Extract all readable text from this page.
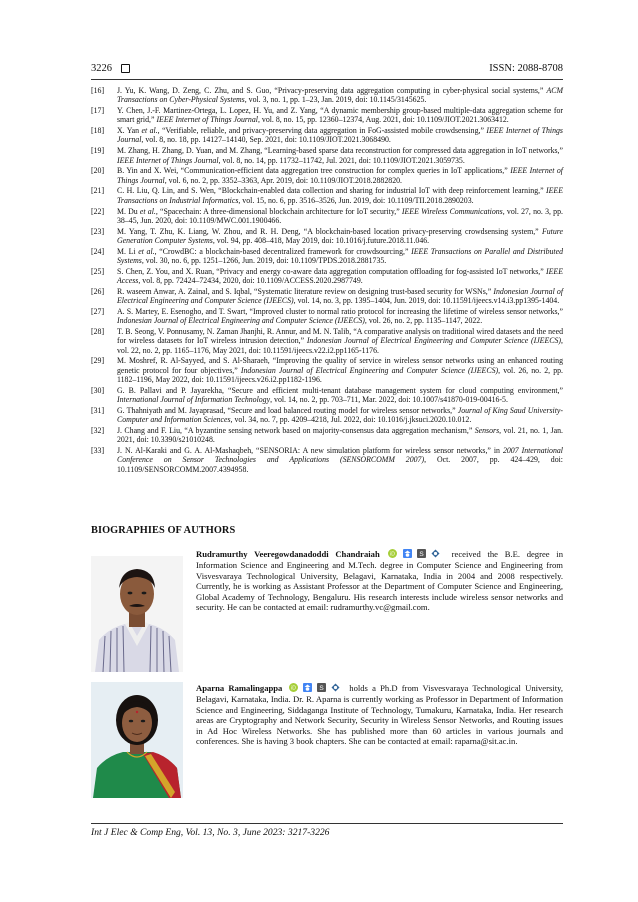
3226	ISSN: 2088-8708
[16] J. Yu, K. Wang, D. Zeng, C. Zhu, and S. Guo, “Privacy-preserving data aggregation computing in cyber-physical social systems,” ACM Transactions on Cyber-Physical Systems, vol. 3, no. 1, pp. 1–23, Jan. 2019, doi: 10.1145/3145625.
[17] Y. Chen, J.-F. Martinez-Ortega, L. Lopez, H. Yu, and Z. Yang, “A dynamic membership group-based multiple-data aggregation scheme for smart grid,” IEEE Internet of Things Journal, vol. 8, no. 15, pp. 12360–12374, Aug. 2021, doi: 10.1109/JIOT.2021.3063412.
[18] X. Yan et al., “Verifiable, reliable, and privacy-preserving data aggregation in FoG-assisted mobile crowdsensing,” IEEE Internet of Things Journal, vol. 8, no. 18, pp. 14127–14140, Sep. 2021, doi: 10.1109/JIOT.2021.3068490.
[19] M. Zhang, H. Zhang, D. Yuan, and M. Zhang, “Learning-based sparse data reconstruction for compressed data aggregation in IoT networks,” IEEE Internet of Things Journal, vol. 8, no. 14, pp. 11732–11742, Jul. 2021, doi: 10.1109/JIOT.2021.3059735.
[20] B. Yin and X. Wei, “Communication-efficient data aggregation tree construction for complex queries in IoT applications,” IEEE Internet of Things Journal, vol. 6, no. 2, pp. 3352–3363, Apr. 2019, doi: 10.1109/JIOT.2018.2882820.
[21] C. H. Liu, Q. Lin, and S. Wen, “Blockchain-enabled data collection and sharing for industrial IoT with deep reinforcement learning,” IEEE Transactions on Industrial Informatics, vol. 15, no. 6, pp. 3516–3526, Jun. 2019, doi: 10.1109/TII.2018.2890203.
[22] M. Du et al., “Spacechain: A three-dimensional blockchain architecture for IoT security,” IEEE Wireless Communications, vol. 27, no. 3, pp. 38–45, Jun. 2020, doi: 10.1109/MWC.001.1900466.
[23] M. Yang, T. Zhu, K. Liang, W. Zhou, and R. H. Deng, “A blockchain-based location privacy-preserving crowdsensing system,” Future Generation Computer Systems, vol. 94, pp. 408–418, May 2019, doi: 10.1016/j.future.2018.11.046.
[24] M. Li et al., “CrowdBC: a blockchain-based decentralized framework for crowdsourcing,” IEEE Transactions on Parallel and Distributed Systems, vol. 30, no. 6, pp. 1251–1266, Jun. 2019, doi: 10.1109/TPDS.2018.2881735.
[25] S. Chen, Z. You, and X. Ruan, “Privacy and energy co-aware data aggregation computation offloading for fog-assisted IoT networks,” IEEE Access, vol. 8, pp. 72424–72434, 2020, doi: 10.1109/ACCESS.2020.2987749.
[26] R. waseem Anwar, A. Zainal, and S. Iqbal, “Systematic literature review on designing trust-based security for WSNs,” Indonesian Journal of Electrical Engineering and Computer Science (IJEECS), vol. 14, no. 3, pp. 1395–1404, Jun. 2019, doi: 10.11591/ijeecs.v14.i3.pp1395-1404.
[27] A. S. Martey, E. Esenogho, and T. Swart, “Improved cluster to normal ratio protocol for increasing the lifetime of wireless sensor networks,” Indonesian Journal of Electrical Engineering and Computer Science (IJEECS), vol. 26, no. 2, pp. 1135–1147, 2022.
[28] T. B. Seong, V. Ponnusamy, N. Zaman Jhanjhi, R. Annur, and M. N. Talib, “A comparative analysis on traditional wired datasets and the need for wireless datasets for IoT wireless intrusion detection,” Indonesian Journal of Electrical Engineering and Computer Science (IJEECS), vol. 22, no. 2, pp. 1165–1176, May 2021, doi: 10.11591/ijeecs.v22.i2.pp1165-1176.
[29] M. Moshref, R. Al-Sayyed, and S. Al-Sharaeh, “Improving the quality of service in wireless sensor networks using an enhanced routing genetic protocol for four objectives,” Indonesian Journal of Electrical Engineering and Computer Science (IJEECS), vol. 26, no. 2, pp. 1182–1196, May 2022, doi: 10.11591/ijeecs.v26.i2.pp1182-1196.
[30] G. B. Pallavi and P. Jayarekha, “Secure and efficient multi-tenant database management system for cloud computing environment,” International Journal of Information Technology, vol. 14, no. 2, pp. 703–711, Mar. 2022, doi: 10.1007/s41870-019-00416-5.
[31] G. Thahniyath and M. Jayaprasad, “Secure and load balanced routing model for wireless sensor networks,” Journal of King Saud University-Computer and Information Sciences, vol. 34, no. 7, pp. 4209–4218, Jul. 2022, doi: 10.1016/j.jksuci.2020.10.012.
[32] J. Chang and F. Liu, “A byzantine sensing network based on majority-consensus data aggregation mechanism,” Sensors, vol. 21, no. 1, Jan. 2021, doi: 10.3390/s21010248.
[33] J. N. Al-Karaki and G. A. Al-Mashaqbeh, “SENSORIA: A new simulation platform for wireless sensor networks,” in 2007 International Conference on Sensor Technologies and Applications (SENSORCOMM 2007), Oct. 2007, pp. 424–429, doi: 10.1109/SENSORCOMM.2007.4394958.
BIOGRAPHIES OF AUTHORS
Rudramurthy Veeregowdanadoddi Chandraiah iD
	S	received the B.E. degree in Information Science and Engineering and M.Tech. degree in Computer Science and Engineering from Visvesvaraya Technological University, Belagavi, Karnataka, India in 2004 and 2008 respectively. Currently, he is working as Assistant Professor at the Department of Computer Science and Engineering, Global Academy of Technology, Bengaluru. His research interests include wireless sensor networks and security. He can be contacted at email: rudramurthy.vc@gmail.com.
Aparna Ramalingappa iD
	S	holds a Ph.D from Visvesvaraya Technological University, Belagavi, Karnataka, India. Dr. R. Aparna is currently working as Professor in Department of Information Science and Engineering, Siddaganga Institute of Technology, Tumakuru, Karnataka, India. Her research areas are Cryptography and Network Security, Security in Wireless Sensor Networks, and Routing issues in Ad Hoc Wireless Networks. She has published more than 60 articles in various journals and conferences. She is having 3 book chapters. She can be contacted at email: raparna@sit.ac.in.
Int J Elec & Comp Eng, Vol. 13, No. 3, June 2023: 3217-3226
